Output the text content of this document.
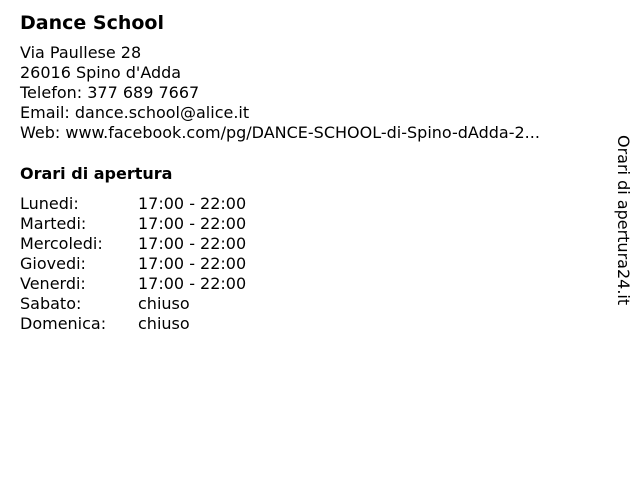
Dance School
Via Paullese 28
26016 Spino d'Adda
Telefon: 377 689 7667
Email: dance.school@alice.it
Web: www.facebook.com/pg/DANCE-SCHOOL-di-Spino-dAdda-2...
Orari di apertura
Lunedi:	17:00 - 22:00
Martedi:	17:00 - 22:00
Mercoledi:	17:00 - 22:00
Giovedi:	17:00 - 22:00
Venerdi:	17:00 - 22:00
Sabato:	chiuso
Domenica:	chiuso
Orari di apertura24.it
